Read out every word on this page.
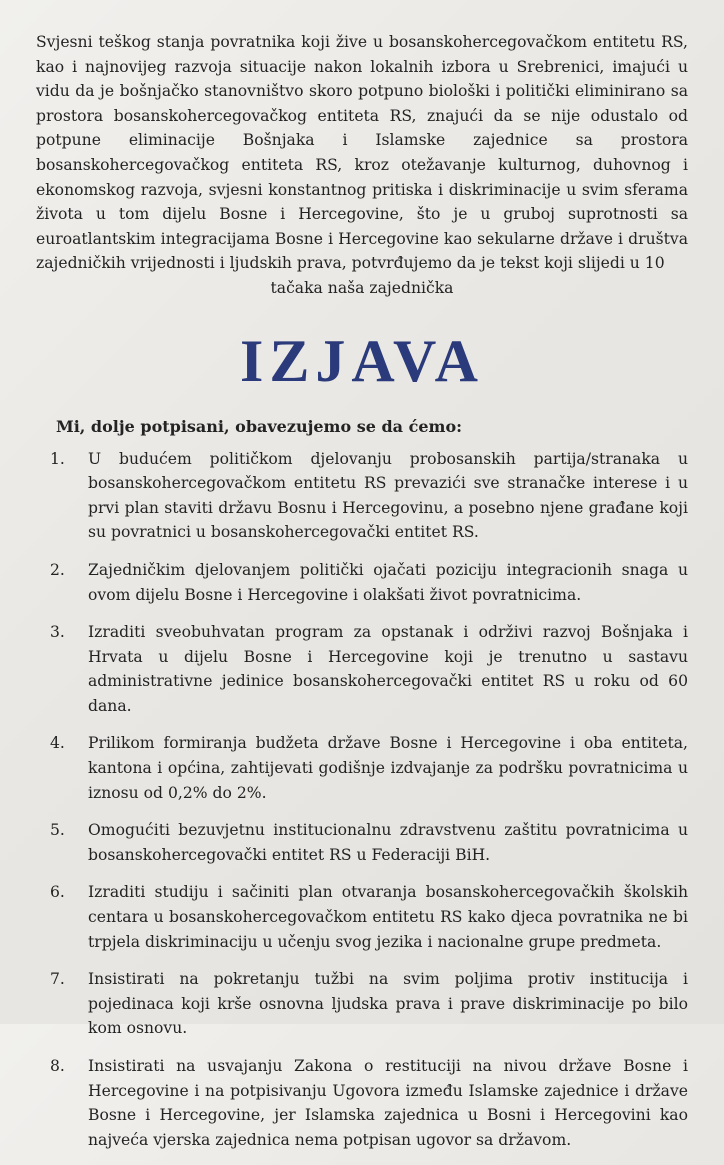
Svjesni teškog stanja povratnika koji žive u bosanskohercegovačkom entitetu RS, kao i najnovijeg razvoja situacije nakon lokalnih izbora u Srebrenici, imajući u vidu da je bošnjačko stanovništvo skoro potpuno biološki i politički eliminirano sa prostora bosanskohercegovačkog entiteta RS, znajući da se nije odustalo od potpune eliminacije Bošnjaka i Islamske zajednice sa prostora bosanskohercegovačkog entiteta RS, kroz otežavanje kulturnog, duhovnog i ekonomskog razvoja, svjesni konstantnog pritiska i diskriminacije u svim sferama života u tom dijelu Bosne i Hercegovine, što je u gruboj suprotnosti sa euroatlantskim integracijama Bosne i Hercegovine kao sekularne države i društva zajedničkih vrijednosti i ljudskih prava, potvrđujemo da je tekst koji slijedi u 10

tačaka naša zajednička

IZJAVA

Mi, dolje potpisani, obavezujemo se da ćemo:

1.	U budućem političkom djelovanju probosanskih partija/stranaka u bosanskohercegovačkom entitetu RS prevazići sve stranačke interese i u prvi plan staviti državu Bosnu i Hercegovinu, a posebno njene građane koji su povratnici u bosanskohercegovački entitet RS.
2.	Zajedničkim djelovanjem politički ojačati poziciju integracionih snaga u ovom dijelu Bosne i Hercegovine i olakšati život povratnicima.
3.	Izraditi sveobuhvatan program za opstanak i održivi razvoj Bošnjaka i Hrvata u dijelu Bosne i Hercegovine koji je trenutno u sastavu administrativne jedinice bosanskohercegovački entitet RS u roku od 60 dana.
4.	Prilikom formiranja budžeta države Bosne i Hercegovine i oba entiteta, kantona i općina, zahtijevati godišnje izdvajanje za podršku povratnicima u iznosu od 0,2% do 2%.
5.	Omogućiti bezuvjetnu institucionalnu zdravstvenu zaštitu povratnicima u bosanskohercegovački entitet RS u Federaciji BiH.
6.	Izraditi studiju i sačiniti plan otvaranja bosanskohercegovačkih školskih centara u bosanskohercegovačkom entitetu RS kako djeca povratnika ne bi trpjela diskriminaciju u učenju svog jezika i nacionalne grupe predmeta.
7.	Insistirati na pokretanju tužbi na svim poljima protiv institucija i pojedinaca koji krše osnovna ljudska prava i prave diskriminacije po bilo kom osnovu.
8.	Insistirati na usvajanju Zakona o restituciji na nivou države Bosne i Hercegovine i na potpisivanju Ugovora između Islamske zajednice i države Bosne i Hercegovine, jer Islamska zajednica u Bosni i Hercegovini kao najveća vjerska zajednica nema potpisan ugovor sa državom.
